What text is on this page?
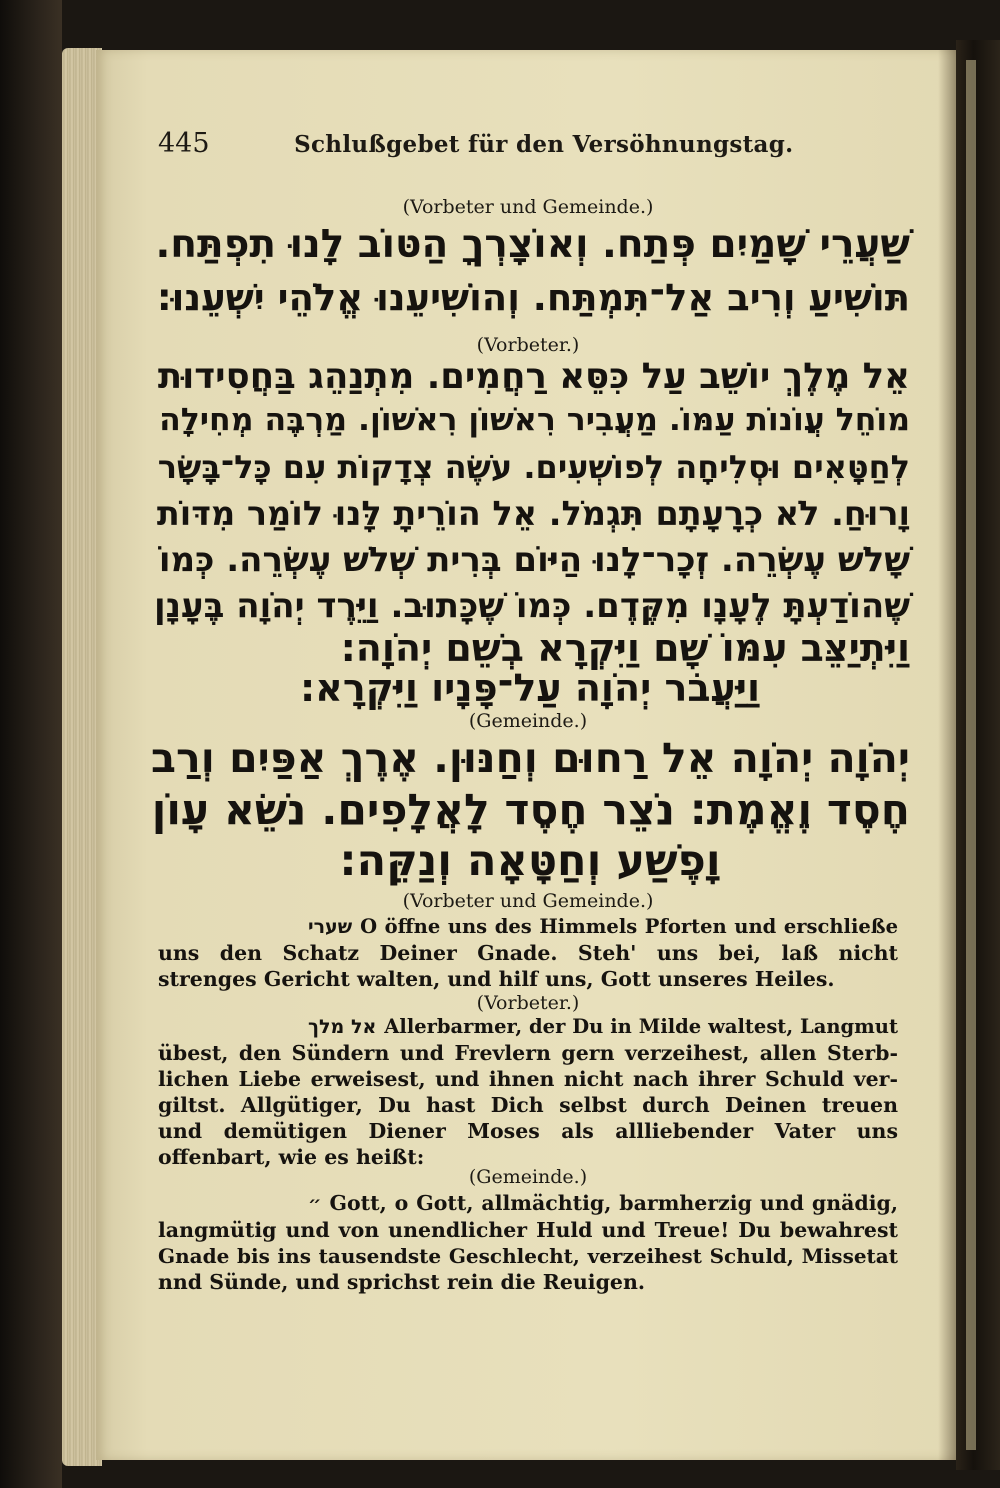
445	Schlußgebet für den Versöhnungstag.
(Vorbeter und Gemeinde.)
שַׁעֲרֵי שָׁמַיִם פְּתַח. וְאוֹצָרְךָ הַטּוֹב לָנוּ תִפְתַּח.
תּוֹשִׁיעַ וְרִיב אַל־תִּמְתַּח. וְהוֹשִׁיעֵנוּ אֱלֹהֵי יִשְׁעֵנוּ:
(Vorbeter.)
אֵל מֶלֶךְ יוֹשֵׁב עַל כִּסֵּא רַחֲמִים. מִתְנַהֵג בַּחֲסִידוּת
מוֹחֵל עֲוֹנוֹת עַמּוֹ. מַעֲבִיר רִאשׁוֹן רִאשׁוֹן. מַרְבֶּה מְחִילָה
לְחַטָּאִים וּסְלִיחָה לְפוֹשְׁעִים. עֹשֶׂה צְדָקוֹת עִם כָּל־בָּשָׂר
וָרוּחַ. לֹא כְרָעָתָם תִּגְמֹל. אֵל הוֹרֵיתָ לָּנוּ לוֹמַר מִדּוֹת
שָׁלשׁ עֶשְׂרֵה. זְכָר־לָנוּ הַיּוֹם בְּרִית שְׁלשׁ עֶשְׂרֵה. כְּמוֹ
שֶׁהוֹדַעְתָּ לֶעָנָו מִקֶּדֶם. כְּמוֹ שֶׁכָּתוּב. וַיֵּרֶד יְהֹוָה בֶּעָנָן
וַיִּתְיַצֵּב עִמּוֹ שָׁם וַיִּקְרָא בְשֵׁם יְהֹוָה:
וַיַּעֲבֹר יְהֹוָה עַל־פָּנָיו וַיִּקְרָא:
(Gemeinde.)
יְהֹוָה יְהֹוָה אֵל רַחוּם וְחַנּוּן. אֶרֶךְ אַפַּיִם וְרַב
חֶסֶד וֶאֱמֶת: נֹצֵר חֶסֶד לָאֲלָפִים. נֹשֵׂא עָוֹן
וָפֶשַׁע וְחַטָּאָה וְנַקֵּה:
(Vorbeter und Gemeinde.)
שערי O öffne uns des Himmels Pforten und erschließe
uns den Schatz Deiner Gnade. Steh' uns bei, laß nicht
strenges Gericht walten, und hilf uns, Gott unseres Heiles.
(Vorbeter.)
אל מלך Allerbarmer, der Du in Milde waltest, Langmut
übest, den Sündern und Frevlern gern verzeihest, allen Sterb-
lichen Liebe erweisest, und ihnen nicht nach ihrer Schuld ver-
giltst. Allgütiger, Du hast Dich selbst durch Deinen treuen
und demütigen Diener Moses als allliebender Vater uns
offenbart, wie es heißt:
(Gemeinde.)
״ Gott, o Gott, allmächtig, barmherzig und gnädig,
langmütig und von unendlicher Huld und Treue! Du bewahrest
Gnade bis ins tausendste Geschlecht, verzeihest Schuld, Missetat
nnd Sünde, und sprichst rein die Reuigen.
